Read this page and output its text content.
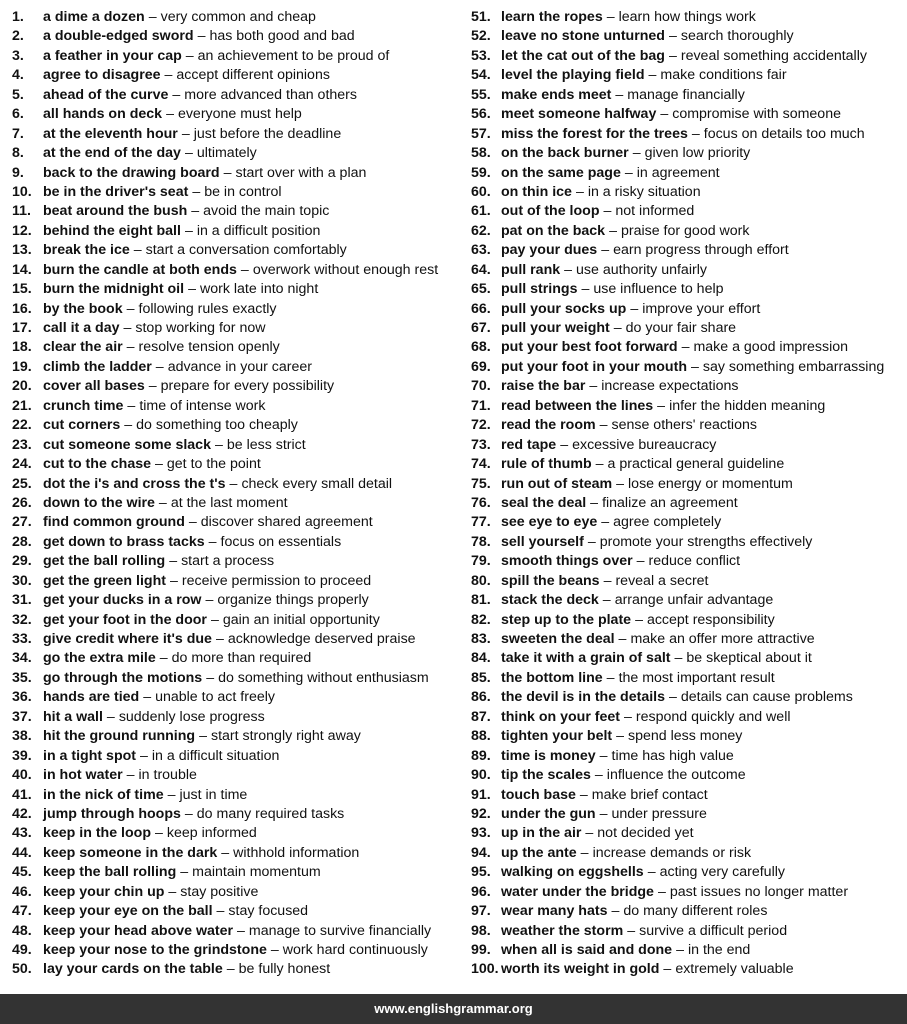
1.	a dime a dozen – very common and cheap
2.	a double-edged sword – has both good and bad
3.	a feather in your cap – an achievement to be proud of
4.	agree to disagree – accept different opinions
5.	ahead of the curve – more advanced than others
6.	all hands on deck – everyone must help
7.	at the eleventh hour – just before the deadline
8.	at the end of the day – ultimately
9.	back to the drawing board – start over with a plan
10. be in the driver's seat – be in control
11. beat around the bush – avoid the main topic
12. behind the eight ball – in a difficult position
13. break the ice – start a conversation comfortably
14. burn the candle at both ends – overwork without enough rest
15. burn the midnight oil – work late into night
16. by the book – following rules exactly
17. call it a day – stop working for now
18. clear the air – resolve tension openly
19. climb the ladder – advance in your career
20. cover all bases – prepare for every possibility
21. crunch time – time of intense work
22. cut corners – do something too cheaply
23. cut someone some slack – be less strict
24. cut to the chase – get to the point
25. dot the i's and cross the t's – check every small detail
26. down to the wire – at the last moment
27. find common ground – discover shared agreement
28. get down to brass tacks – focus on essentials
29. get the ball rolling – start a process
30. get the green light – receive permission to proceed
31. get your ducks in a row – organize things properly
32. get your foot in the door – gain an initial opportunity
33. give credit where it's due – acknowledge deserved praise
34. go the extra mile – do more than required
35. go through the motions – do something without enthusiasm
36. hands are tied – unable to act freely
37. hit a wall – suddenly lose progress
38. hit the ground running – start strongly right away
39. in a tight spot – in a difficult situation
40. in hot water – in trouble
41. in the nick of time – just in time
42. jump through hoops – do many required tasks
43. keep in the loop – keep informed
44. keep someone in the dark – withhold information
45. keep the ball rolling – maintain momentum
46. keep your chin up – stay positive
47. keep your eye on the ball – stay focused
48. keep your head above water – manage to survive financially
49. keep your nose to the grindstone – work hard continuously
50. lay your cards on the table – be fully honest
51. learn the ropes – learn how things work
52. leave no stone unturned – search thoroughly
53. let the cat out of the bag – reveal something accidentally
54. level the playing field – make conditions fair
55. make ends meet – manage financially
56. meet someone halfway – compromise with someone
57. miss the forest for the trees – focus on details too much
58. on the back burner – given low priority
59. on the same page – in agreement
60. on thin ice – in a risky situation
61. out of the loop – not informed
62. pat on the back – praise for good work
63. pay your dues – earn progress through effort
64. pull rank – use authority unfairly
65. pull strings – use influence to help
66. pull your socks up – improve your effort
67. pull your weight – do your fair share
68. put your best foot forward – make a good impression
69. put your foot in your mouth – say something embarrassing
70. raise the bar – increase expectations
71. read between the lines – infer the hidden meaning
72. read the room – sense others' reactions
73. red tape – excessive bureaucracy
74. rule of thumb – a practical general guideline
75. run out of steam – lose energy or momentum
76. seal the deal – finalize an agreement
77. see eye to eye – agree completely
78. sell yourself – promote your strengths effectively
79. smooth things over – reduce conflict
80. spill the beans – reveal a secret
81. stack the deck – arrange unfair advantage
82. step up to the plate – accept responsibility
83. sweeten the deal – make an offer more attractive
84. take it with a grain of salt – be skeptical about it
85. the bottom line – the most important result
86. the devil is in the details – details can cause problems
87. think on your feet – respond quickly and well
88. tighten your belt – spend less money
89. time is money – time has high value
90. tip the scales – influence the outcome
91. touch base – make brief contact
92. under the gun – under pressure
93. up in the air – not decided yet
94. up the ante – increase demands or risk
95. walking on eggshells – acting very carefully
96. water under the bridge – past issues no longer matter
97. wear many hats – do many different roles
98. weather the storm – survive a difficult period
99. when all is said and done – in the end
100. worth its weight in gold – extremely valuable
www.englishgrammar.org
